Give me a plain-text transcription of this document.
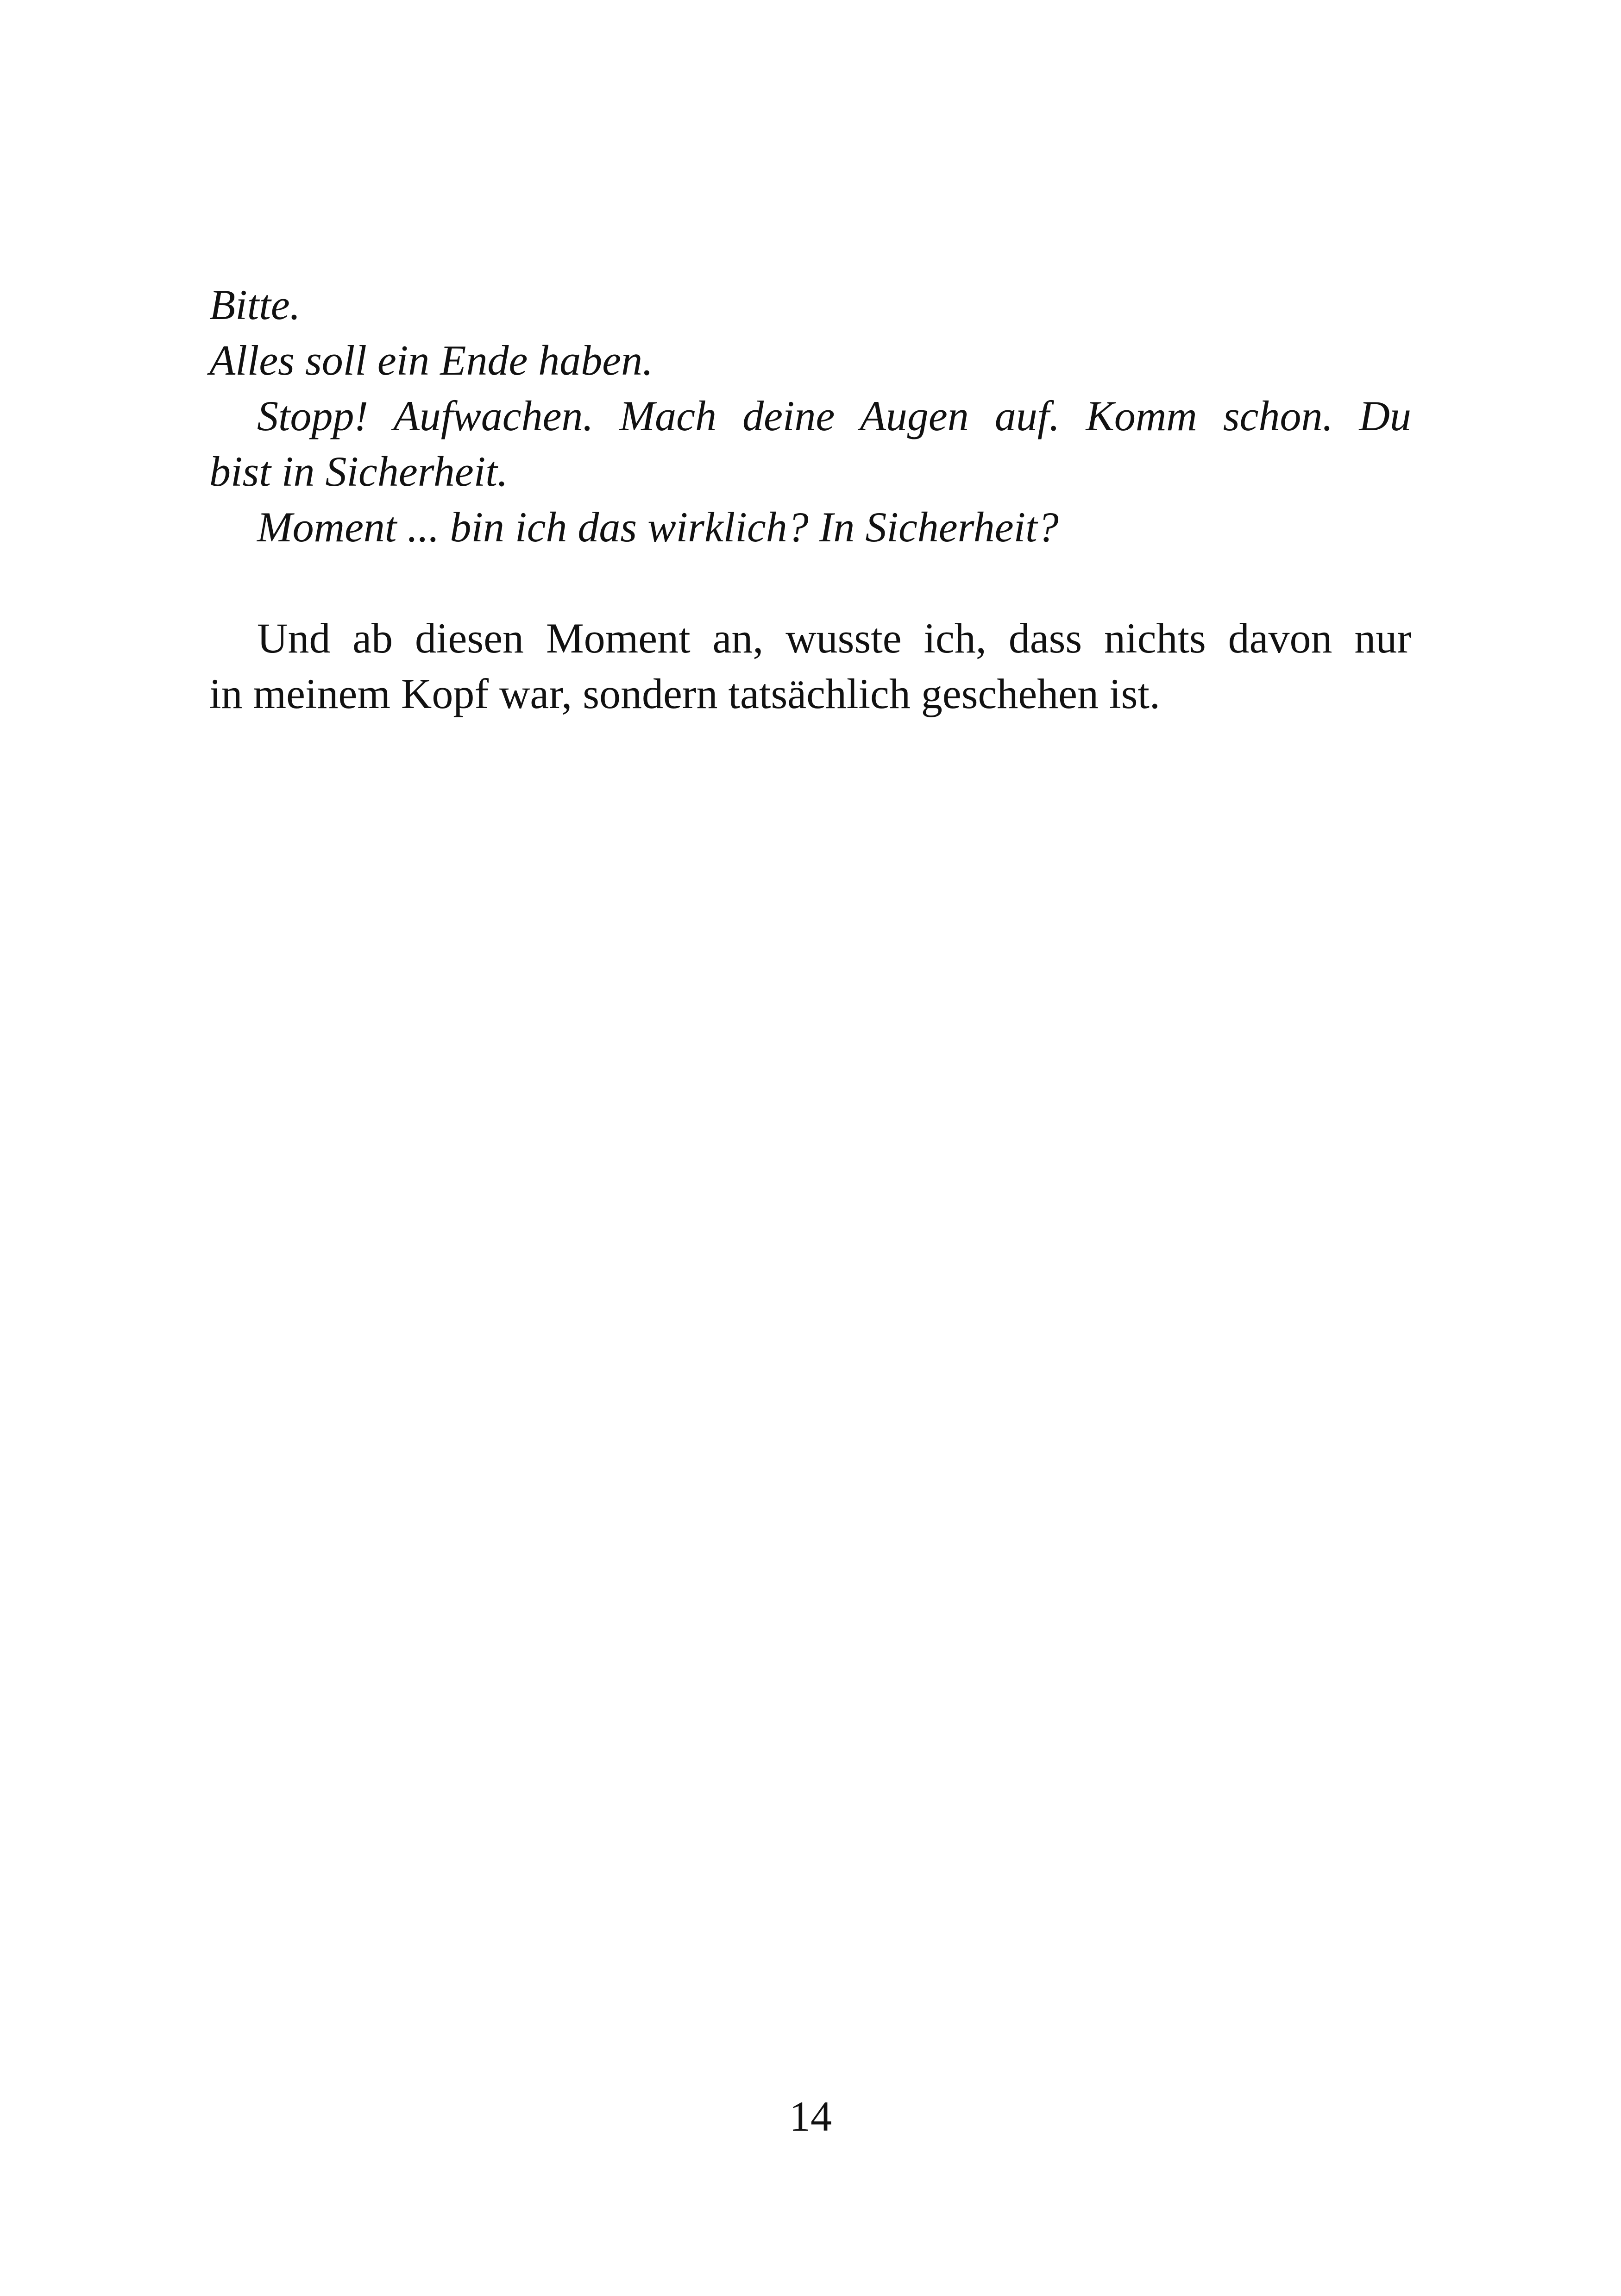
Bitte.
Alles soll ein Ende haben.
Stopp! Aufwachen. Mach deine Augen auf. Komm schon. Du
bist in Sicherheit.
Moment ... bin ich das wirklich? In Sicherheit?
Und ab diesen Moment an, wusste ich, dass nichts davon nur
in meinem Kopf war, sondern tatsächlich geschehen ist.
14
